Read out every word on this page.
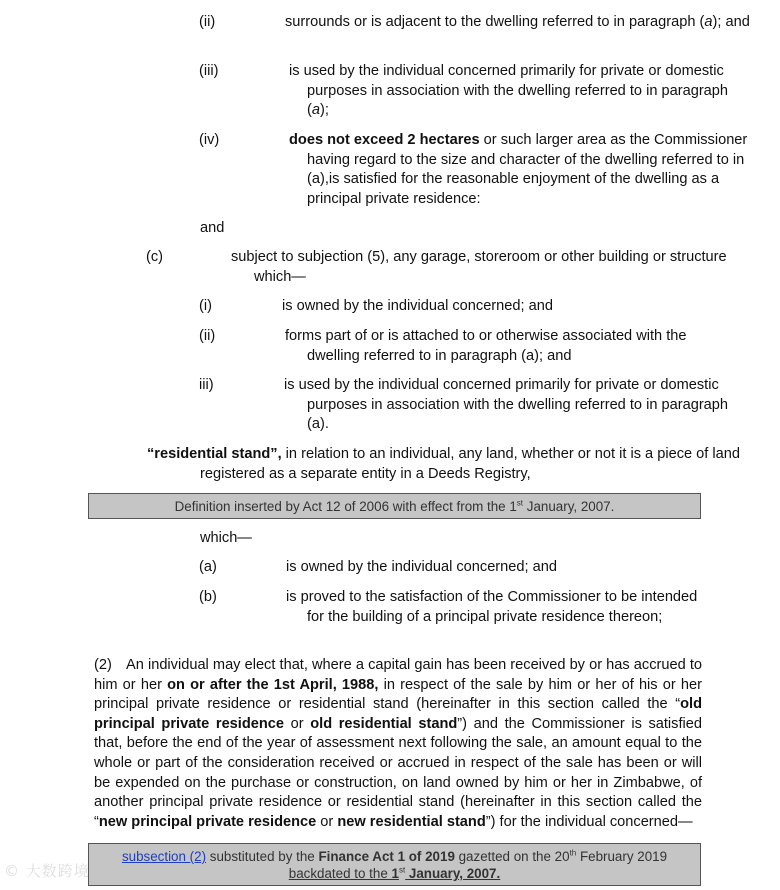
(ii)	surrounds or is adjacent to the dwelling referred to in paragraph (a); and

(iii)	is used by the individual concerned primarily for private or domestic purposes in association with the dwelling referred to in paragraph (a);

(iv)	does not exceed 2 hectares or such larger area as the Commissioner having regard to the size and character of the dwelling referred to in (a),is satisfied for the reasonable enjoyment of the dwelling as a principal private residence:

and

(c)	subject to subjection (5), any garage, storeroom or other building or structure which—

(i)	is owned by the individual concerned; and

(ii)	forms part of or is attached to or otherwise associated with the dwelling referred to in paragraph (a); and

iii)	is used by the individual concerned primarily for private or domestic purposes in association with the dwelling referred to in paragraph (a).

“residential stand”, in relation to an individual, any land, whether or not it is a piece of land registered as a separate entity in a Deeds Registry,

Definition inserted by Act 12 of 2006 with effect from the 1st January, 2007.

which—

(a)	is owned by the individual concerned; and

(b)	is proved to the satisfaction of the Commissioner to be intended for the building of a principal private residence thereon;

(2) An individual may elect that, where a capital gain has been received by or has accrued to him or her on or after the 1st April, 1988, in respect of the sale by him or her of his or her principal private residence or residential stand (hereinafter in this section called the “old principal private residence or old residential stand”) and the Commissioner is satisfied that, before the end of the year of assessment next following the sale, an amount equal to the whole or part of the consideration received or accrued in respect of the sale has been or will be expended on the purchase or construction, on land owned by him or her in Zimbabwe, of another principal private residence or residential stand (hereinafter in this section called the “new principal private residence or new residential stand”) for the individual concerned—

subsection (2) substituted by the Finance Act 1 of 2019 gazetted on the 20th February 2019
backdated to the 1st January, 2007.
© 大数跨境
